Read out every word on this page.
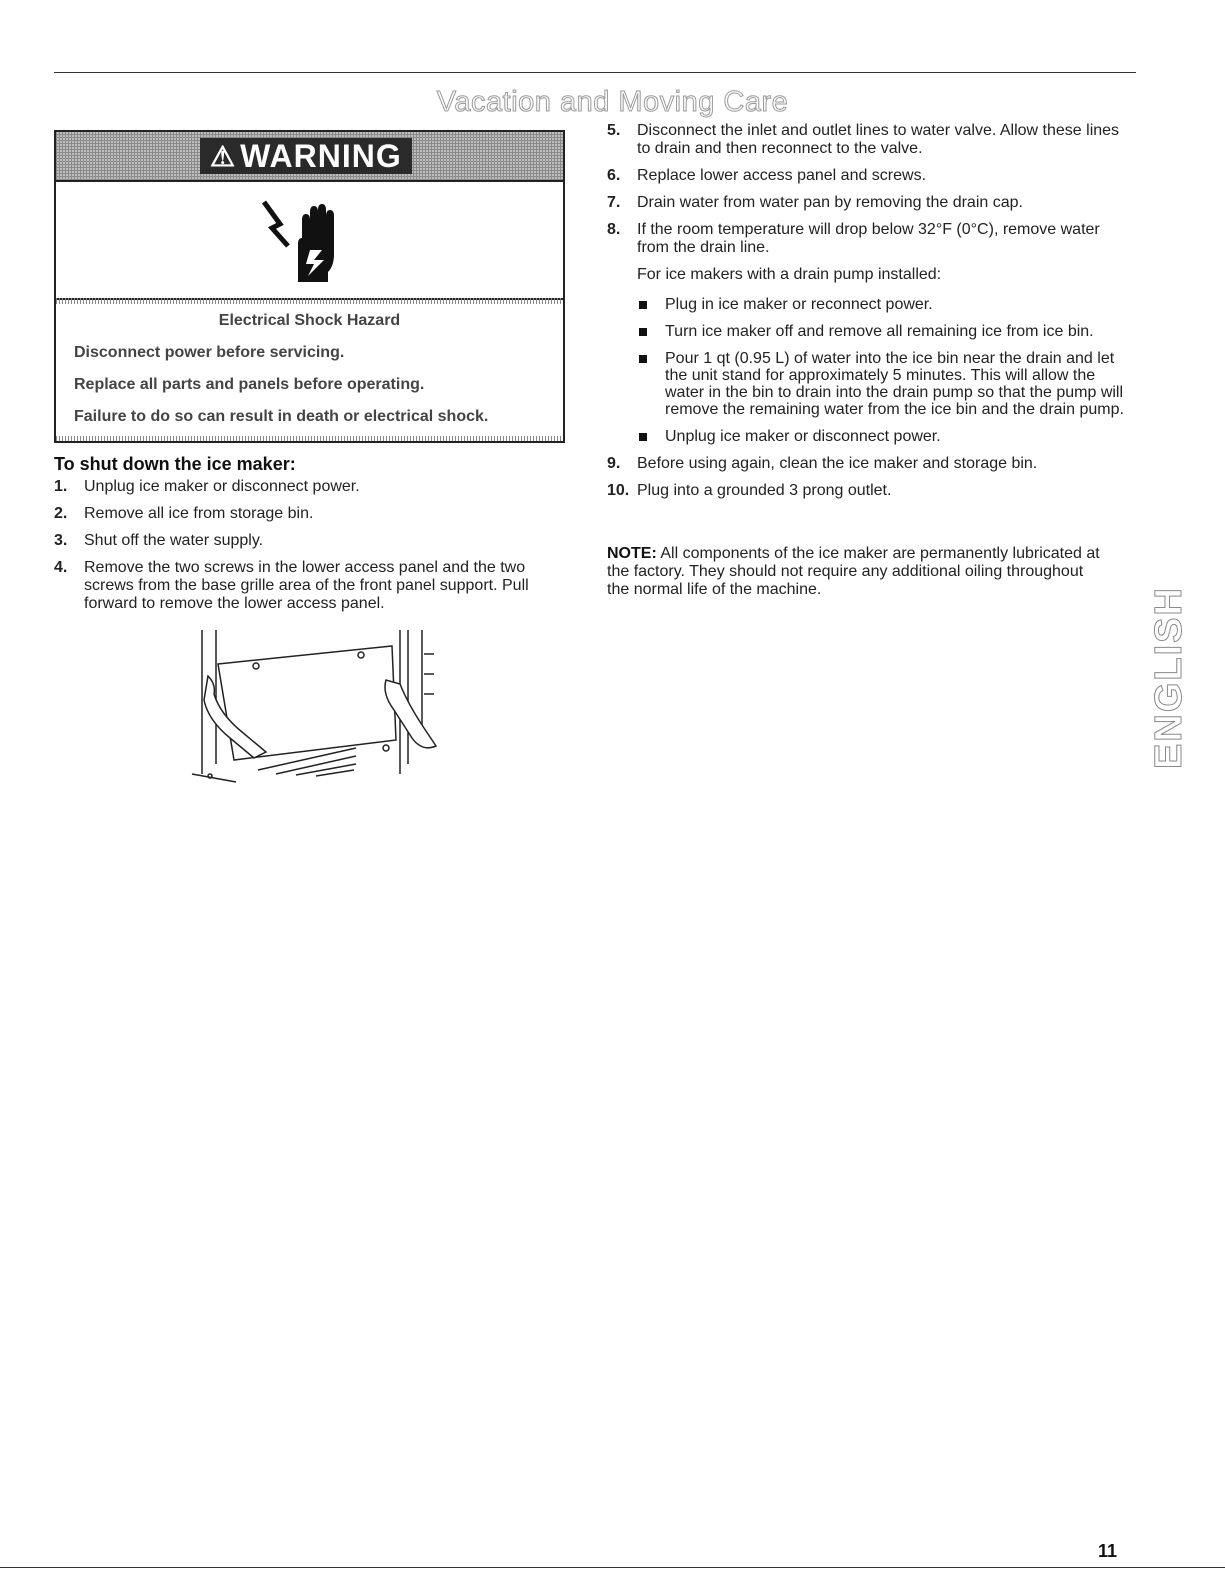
Vacation and Moving Care
⚠ WARNING
Electrical Shock Hazard
Disconnect power before servicing.
Replace all parts and panels before operating.
Failure to do so can result in death or electrical shock.
To shut down the ice maker:
1. Unplug ice maker or disconnect power.
2. Remove all ice from storage bin.
3. Shut off the water supply.
4. Remove the two screws in the lower access panel and the two screws from the base grille area of the front panel support. Pull forward to remove the lower access panel.
5. Disconnect the inlet and outlet lines to water valve. Allow these lines to drain and then reconnect to the valve.
6. Replace lower access panel and screws.
7. Drain water from water pan by removing the drain cap.
8. If the room temperature will drop below 32°F (0°C), remove water from the drain line.
For ice makers with a drain pump installed:
Plug in ice maker or reconnect power.
Turn ice maker off and remove all remaining ice from ice bin.
Pour 1 qt (0.95 L) of water into the ice bin near the drain and let the unit stand for approximately 5 minutes. This will allow the water in the bin to drain into the drain pump so that the pump will remove the remaining water from the ice bin and the drain pump.
Unplug ice maker or disconnect power.
9. Before using again, clean the ice maker and storage bin.
10. Plug into a grounded 3 prong outlet.
NOTE: All components of the ice maker are permanently lubricated at the factory. They should not require any additional oiling throughout the normal life of the machine.	ENGLISH
11
